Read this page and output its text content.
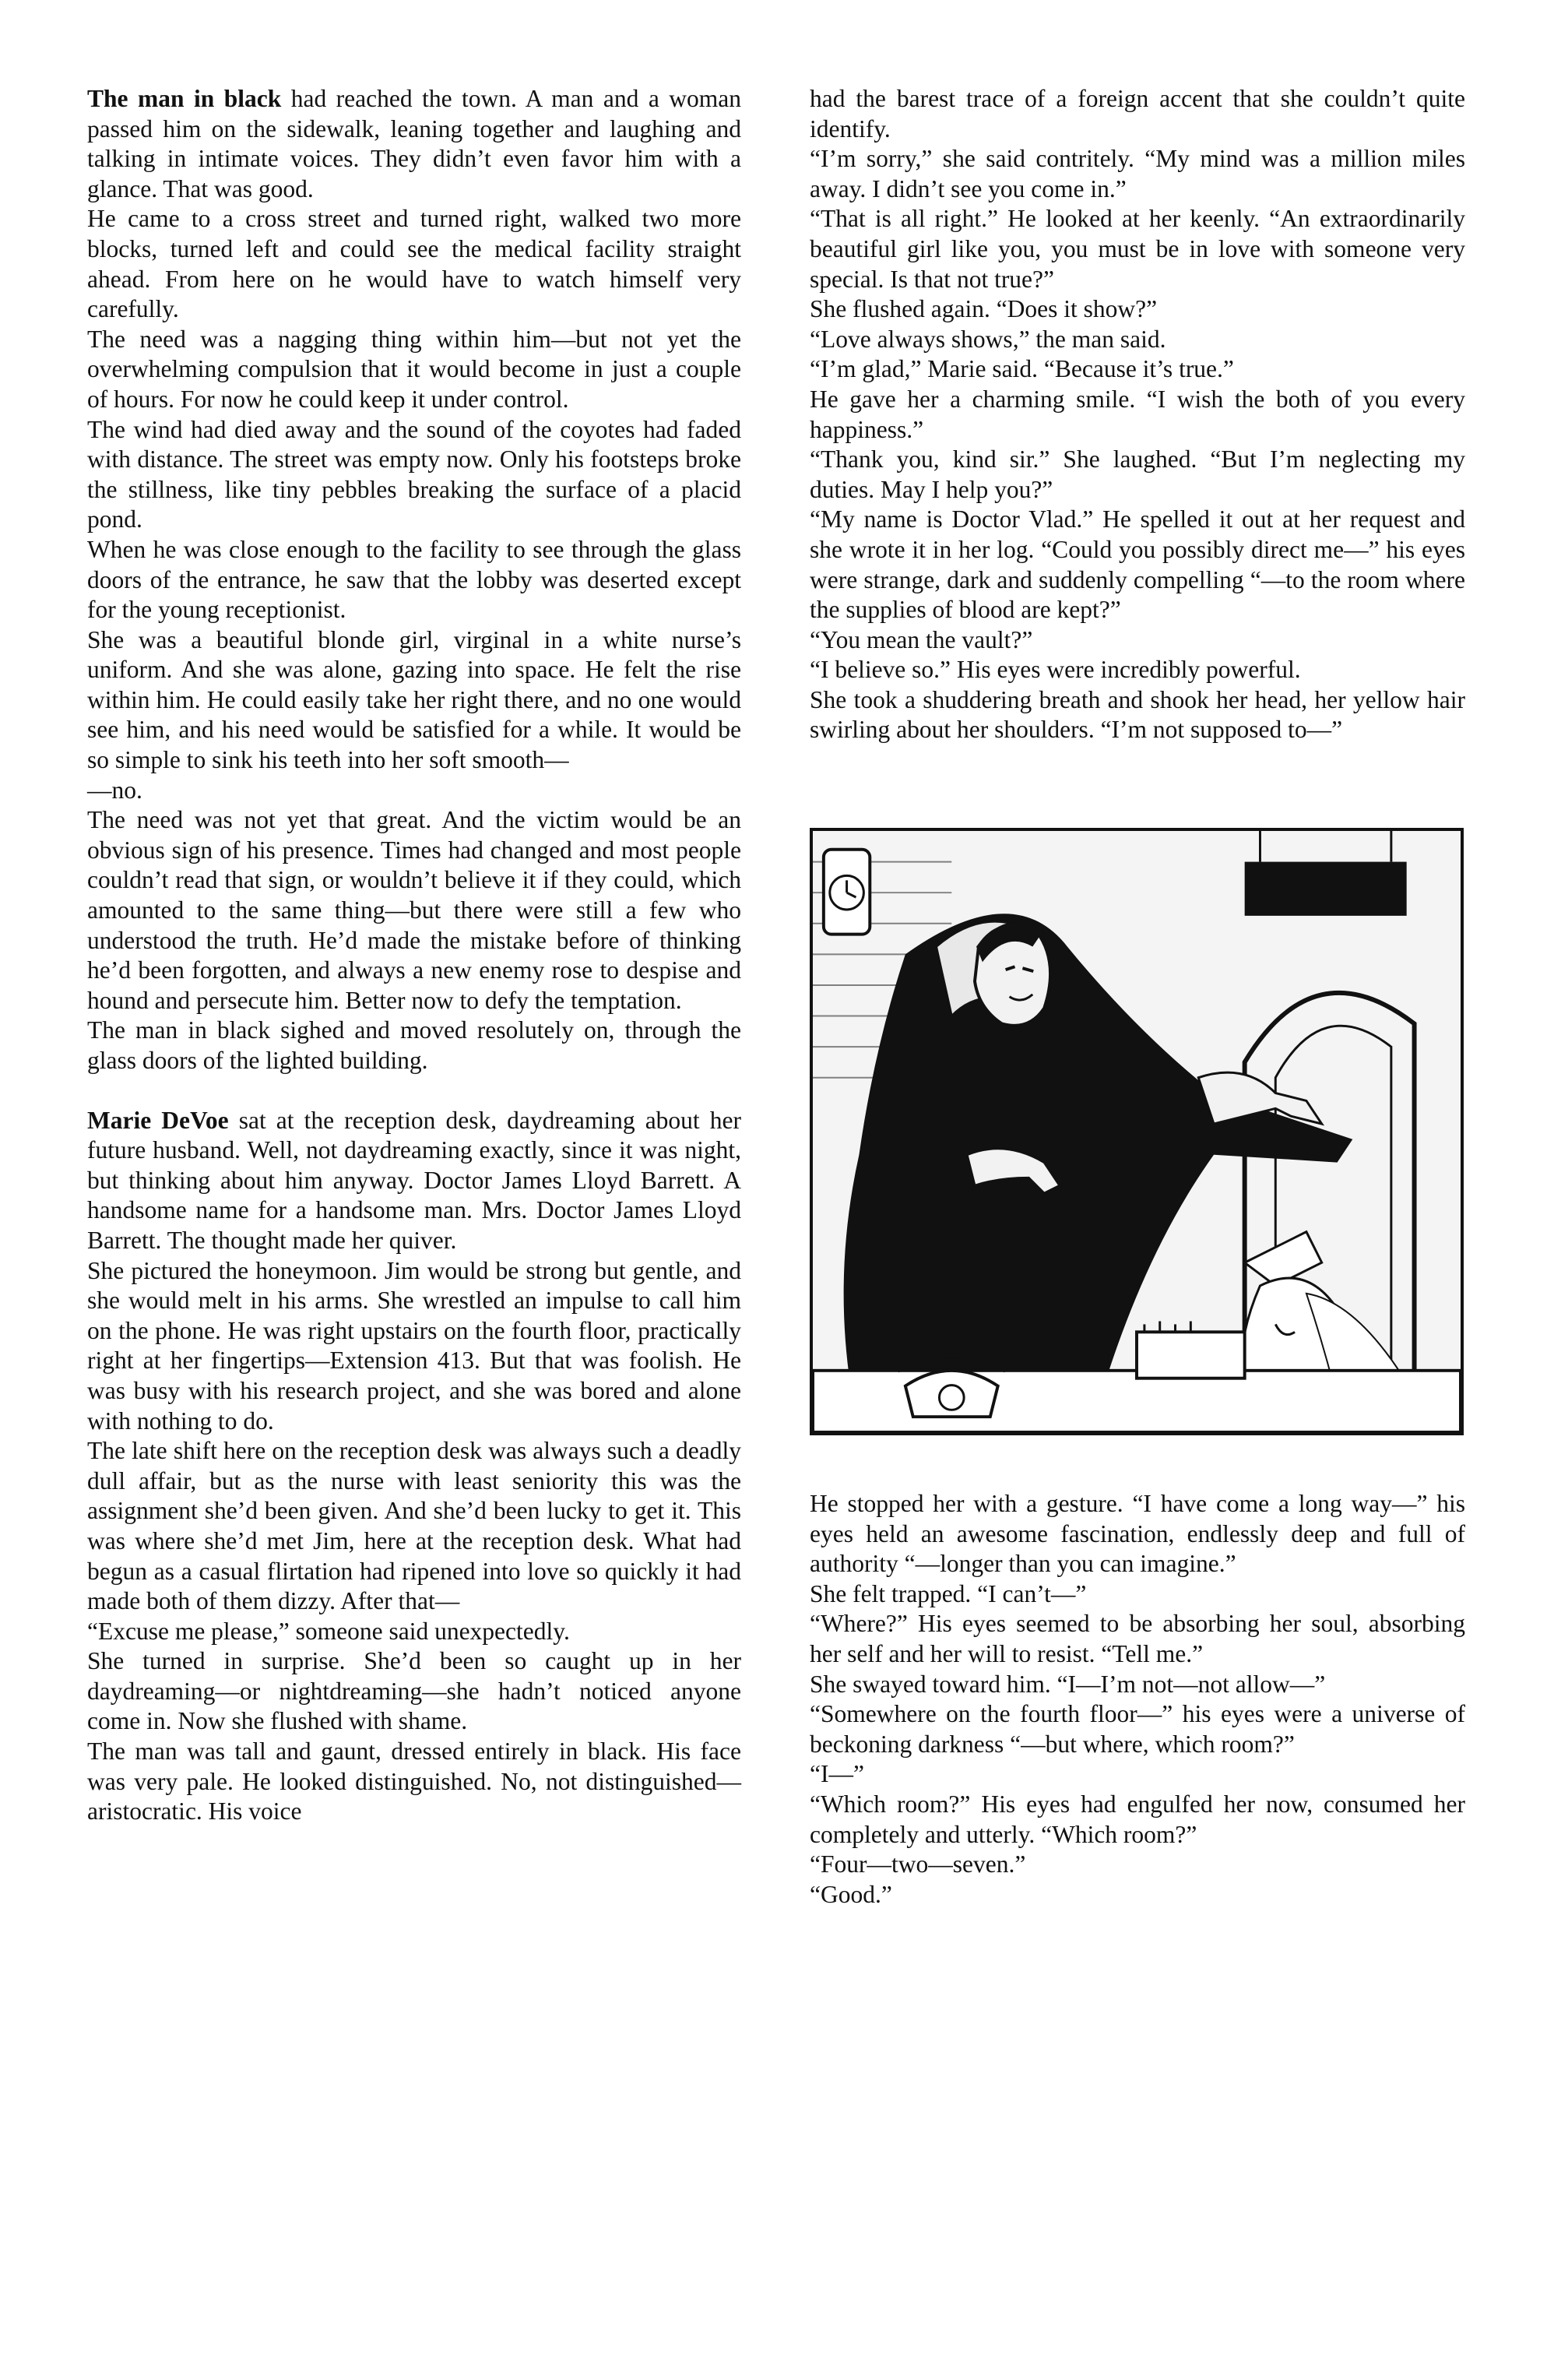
The man in black had reached the town. A man and a woman passed him on the sidewalk, leaning together and laughing and talking in intimate voices. They didn’t even favor him with a glance. That was good.

He came to a cross street and turned right, walked two more blocks, turned left and could see the medical facility straight ahead. From here on he would have to watch himself very carefully.

The need was a nagging thing within him—but not yet the overwhelming compulsion that it would become in just a couple of hours. For now he could keep it under control.

The wind had died away and the sound of the coyotes had faded with distance. The street was empty now. Only his footsteps broke the stillness, like tiny pebbles breaking the surface of a placid pond.

When he was close enough to the facility to see through the glass doors of the entrance, he saw that the lobby was deserted except for the young receptionist.

She was a beautiful blonde girl, virginal in a white nurse’s uniform. And she was alone, gazing into space. He felt the rise within him. He could easily take her right there, and no one would see him, and his need would be satisfied for a while. It would be so simple to sink his teeth into her soft smooth—

—no.

The need was not yet that great. And the victim would be an obvious sign of his presence. Times had changed and most people couldn’t read that sign, or wouldn’t believe it if they could, which amounted to the same thing—but there were still a few who understood the truth. He’d made the mistake before of thinking he’d been forgotten, and always a new enemy rose to despise and hound and persecute him. Better now to defy the temptation.

The man in black sighed and moved resolutely on, through the glass doors of the lighted building.

Marie DeVoe sat at the reception desk, daydreaming about her future husband. Well, not daydreaming exactly, since it was night, but thinking about him anyway. Doctor James Lloyd Barrett. A handsome name for a handsome man. Mrs. Doctor James Lloyd Barrett. The thought made her quiver.

She pictured the honeymoon. Jim would be strong but gentle, and she would melt in his arms. She wrestled an impulse to call him on the phone. He was right upstairs on the fourth floor, practically right at her fingertips—Extension 413. But that was foolish. He was busy with his research project, and she was bored and alone with nothing to do.

The late shift here on the reception desk was always such a deadly dull affair, but as the nurse with least seniority this was the assignment she’d been given. And she’d been lucky to get it. This was where she’d met Jim, here at the reception desk. What had begun as a casual flirtation had ripened into love so quickly it had made both of them dizzy. After that—

“Excuse me please,” someone said unexpectedly.

She turned in surprise. She’d been so caught up in her daydreaming—or nightdreaming—she hadn’t noticed anyone come in. Now she flushed with shame.

The man was tall and gaunt, dressed entirely in black. His face was very pale. He looked distinguished. No, not distinguished—aristocratic. His voice

had the barest trace of a foreign accent that she couldn’t quite identify.

“I’m sorry,” she said contritely. “My mind was a million miles away. I didn’t see you come in.”

“That is all right.” He looked at her keenly. “An extraordinarily beautiful girl like you, you must be in love with someone very special. Is that not true?”

She flushed again. “Does it show?”

“Love always shows,” the man said.

“I’m glad,” Marie said. “Because it’s true.”

He gave her a charming smile. “I wish the both of you every happiness.”

“Thank you, kind sir.” She laughed. “But I’m neglecting my duties. May I help you?”

“My name is Doctor Vlad.” He spelled it out at her request and she wrote it in her log. “Could you possibly direct me—” his eyes were strange, dark and suddenly compelling “—to the room where the supplies of blood are kept?”

“You mean the vault?”

“I believe so.” His eyes were incredibly powerful.

She took a shuddering breath and shook her head, her yellow hair swirling about her shoulders. “I’m not supposed to—”

He stopped her with a gesture. “I have come a long way—” his eyes held an awesome fascination, endlessly deep and full of authority “—longer than you can imagine.”

She felt trapped. “I can’t—”

“Where?” His eyes seemed to be absorbing her soul, absorbing her self and her will to resist. “Tell me.”

She swayed toward him. “I—I’m not—not allow—”

“Somewhere on the fourth floor—” his eyes were a universe of beckoning darkness “—but where, which room?”

“I—”

“Which room?” His eyes had engulfed her now, consumed her completely and utterly. “Which room?”

“Four—two—seven.”

“Good.”
